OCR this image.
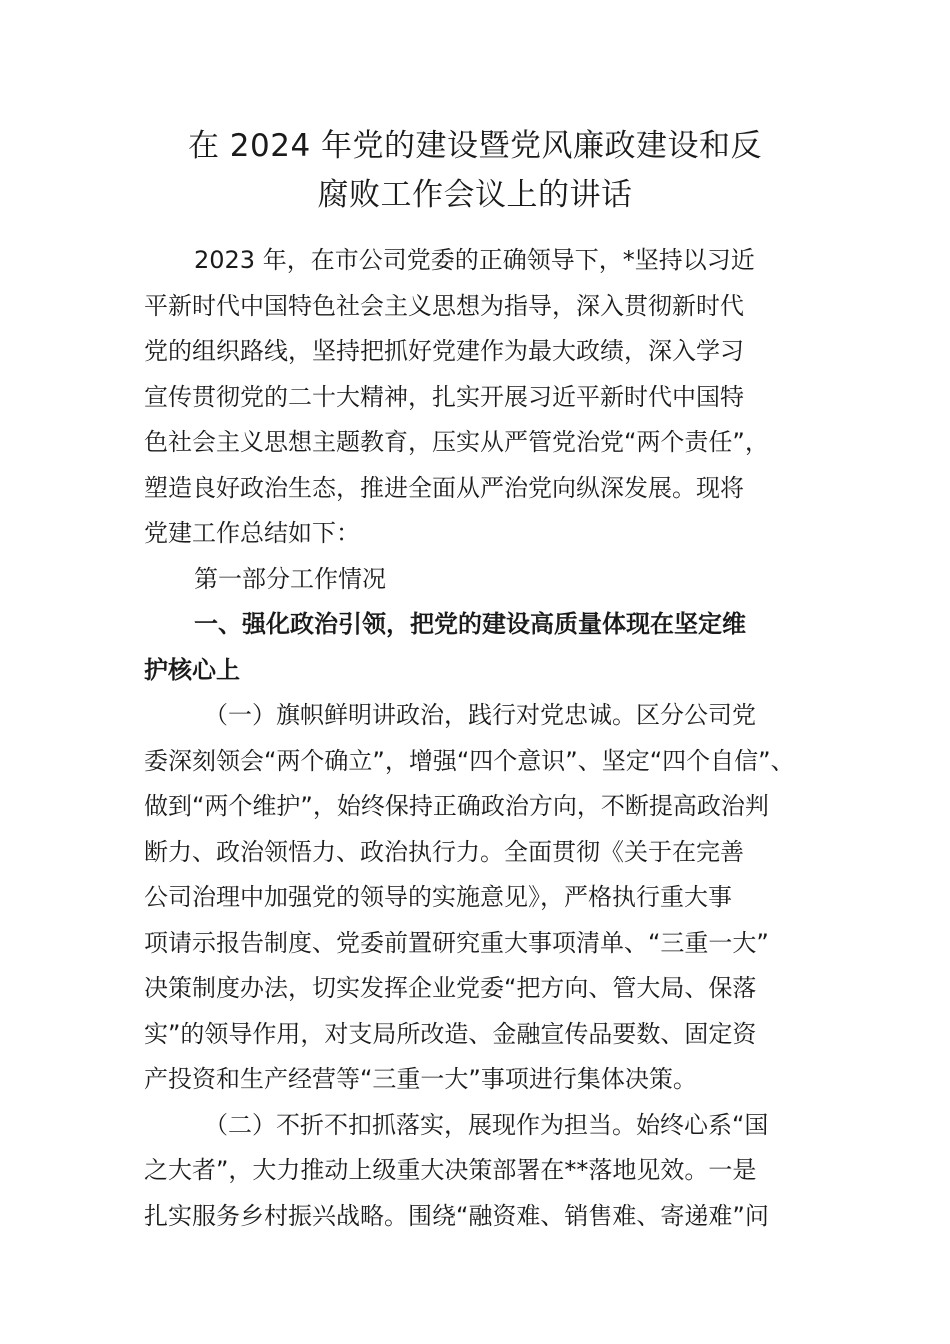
在 2024 年党的建设暨党风廉政建设和反
腐败工作会议上的讲话
2023 年，在市公司党委的正确领导下，*坚持以习近
平新时代中国特色社会主义思想为指导，深入贯彻新时代
党的组织路线，坚持把抓好党建作为最大政绩，深入学习
宣传贯彻党的二十大精神，扎实开展习近平新时代中国特
色社会主义思想主题教育，压实从严管党治党“两个责任”，
塑造良好政治生态，推进全面从严治党向纵深发展。现将
党建工作总结如下：
第一部分工作情况
一、强化政治引领，把党的建设高质量体现在坚定维
护核心上
（一）旗帜鲜明讲政治，践行对党忠诚。区分公司党
委深刻领会“两个确立”，增强“四个意识”、坚定“四个自信”、
做到“两个维护”，始终保持正确政治方向，不断提高政治判
断力、政治领悟力、政治执行力。全面贯彻《关于在完善
公司治理中加强党的领导的实施意见》，严格执行重大事
项请示报告制度、党委前置研究重大事项清单、“三重一大”
决策制度办法，切实发挥企业党委“把方向、管大局、保落
实”的领导作用，对支局所改造、金融宣传品要数、固定资
产投资和生产经营等“三重一大”事项进行集体决策。
（二）不折不扣抓落实，展现作为担当。始终心系“国
之大者”，大力推动上级重大决策部署在**落地见效。一是
扎实服务乡村振兴战略。围绕“融资难、销售难、寄递难”问
